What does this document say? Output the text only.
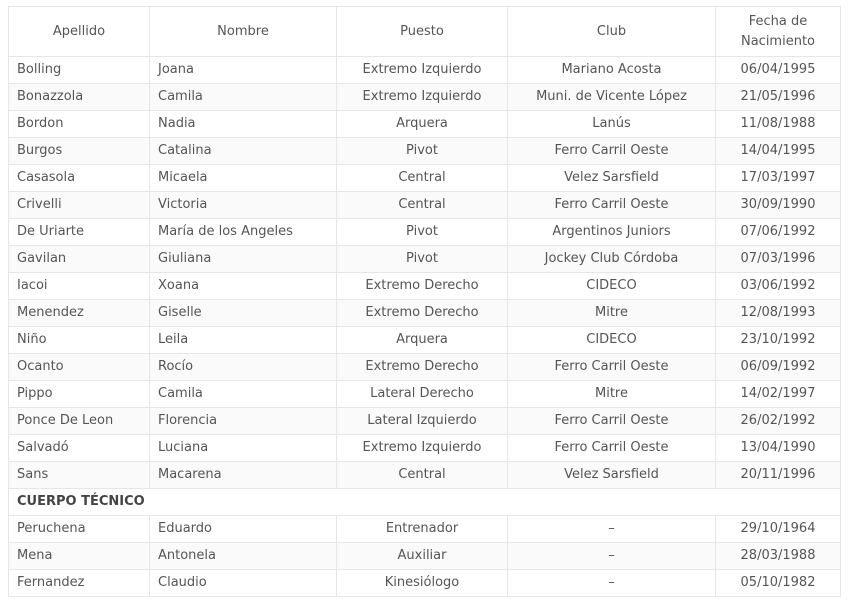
Apellido	Nombre	Puesto	Club	Fecha de
Nacimiento
Bolling	Joana	Extremo Izquierdo	Mariano Acosta	06/04/1995
Bonazzola	Camila	Extremo Izquierdo	Muni. de Vicente López	21/05/1996
Bordon	Nadia	Arquera	Lanús	11/08/1988
Burgos	Catalina	Pivot	Ferro Carril Oeste	14/04/1995
Casasola	Micaela	Central	Velez Sarsfield	17/03/1997
Crivelli	Victoria	Central	Ferro Carril Oeste	30/09/1990
De Uriarte	María de los Angeles	Pivot	Argentinos Juniors	07/06/1992
Gavilan	Giuliana	Pivot	Jockey Club Córdoba	07/03/1996
Iacoi	Xoana	Extremo Derecho	CIDECO	03/06/1992
Menendez	Giselle	Extremo Derecho	Mitre	12/08/1993
Niño	Leila	Arquera	CIDECO	23/10/1992
Ocanto	Rocío	Extremo Derecho	Ferro Carril Oeste	06/09/1992
Pippo	Camila	Lateral Derecho	Mitre	14/02/1997
Ponce De Leon	Florencia	Lateral Izquierdo	Ferro Carril Oeste	26/02/1992
Salvadó	Luciana	Extremo Izquierdo	Ferro Carril Oeste	13/04/1990
Sans	Macarena	Central	Velez Sarsfield	20/11/1996
CUERPO TÉCNICO				
Peruchena	Eduardo	Entrenador	–	29/10/1964
Mena	Antonela	Auxiliar	–	28/03/1988
Fernandez	Claudio	Kinesiólogo	–	05/10/1982
